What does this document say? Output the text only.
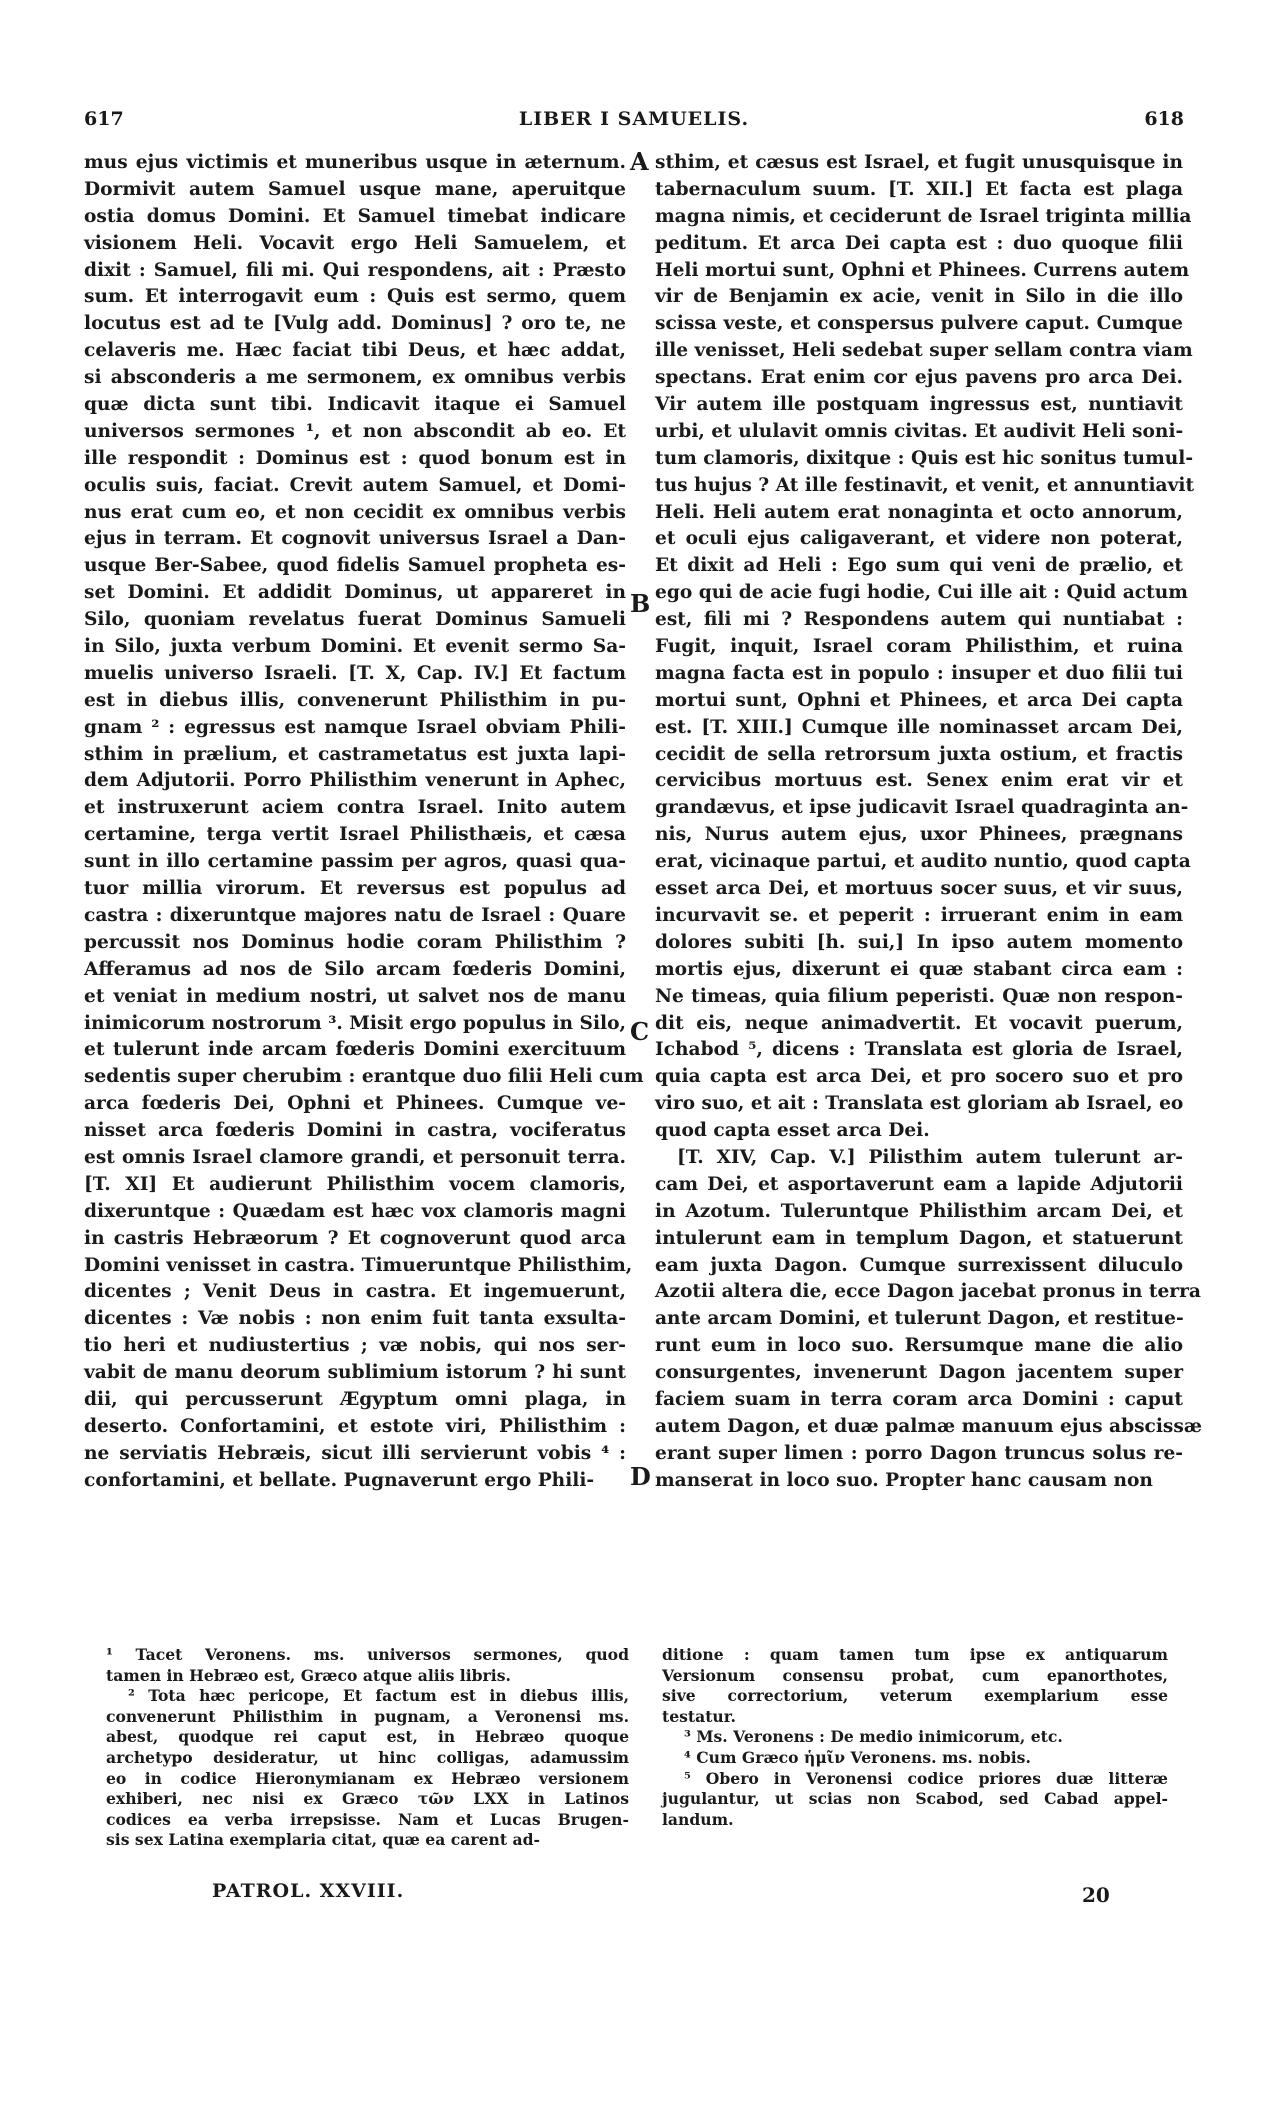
617	LIBER I SAMUELIS.	618
mus ejus victimis et muneribus usque in æternum.
Dormivit autem Samuel usque mane, aperuitque
ostia domus Domini. Et Samuel timebat indicare
visionem Heli. Vocavit ergo Heli Samuelem, et
dixit : Samuel, fili mi. Qui respondens, ait : Præsto
sum. Et interrogavit eum : Quis est sermo, quem
locutus est ad te [Vulg add. Dominus] ? oro te, ne
celaveris me. Hæc faciat tibi Deus, et hæc addat,
si absconderis a me sermonem, ex omnibus verbis
quæ dicta sunt tibi. Indicavit itaque ei Samuel
universos sermones ¹, et non abscondit ab eo. Et
ille respondit : Dominus est : quod bonum est in
oculis suis, faciat. Crevit autem Samuel, et Domi-
nus erat cum eo, et non cecidit ex omnibus verbis
ejus in terram. Et cognovit universus Israel a Dan-
usque Ber-Sabee, quod fidelis Samuel propheta es-
set Domini. Et addidit Dominus, ut appareret in
Silo, quoniam revelatus fuerat Dominus Samueli
in Silo, juxta verbum Domini. Et evenit sermo Sa-
muelis universo Israeli. [T. X, Cap. IV.] Et factum
est in diebus illis, convenerunt Philisthim in pu-
gnam ² : egressus est namque Israel obviam Phili-
sthim in prælium, et castrametatus est juxta lapi-
dem Adjutorii. Porro Philisthim venerunt in Aphec,
et instruxerunt aciem contra Israel. Inito autem
certamine, terga vertit Israel Philisthæis, et cæsa
sunt in illo certamine passim per agros, quasi qua-
tuor millia virorum. Et reversus est populus ad
castra : dixeruntque majores natu de Israel : Quare
percussit nos Dominus hodie coram Philisthim ?
Afferamus ad nos de Silo arcam fœderis Domini,
et veniat in medium nostri, ut salvet nos de manu
inimicorum nostrorum ³. Misit ergo populus in Silo,
et tulerunt inde arcam fœderis Domini exercituum
sedentis super cherubim : erantque duo filii Heli cum
arca fœderis Dei, Ophni et Phinees. Cumque ve-
nisset arca fœderis Domini in castra, vociferatus
est omnis Israel clamore grandi, et personuit terra.
[T. XI] Et audierunt Philisthim vocem clamoris,
dixeruntque : Quædam est hæc vox clamoris magni
in castris Hebræorum ? Et cognoverunt quod arca
Domini venisset in castra. Timueruntque Philisthim,
dicentes ; Venit Deus in castra. Et ingemuerunt,
dicentes : Væ nobis : non enim fuit tanta exsulta-
tio heri et nudiustertius ; væ nobis, qui nos ser-
vabit de manu deorum sublimium istorum ? hi sunt
dii, qui percusserunt Ægyptum omni plaga, in
deserto. Confortamini, et estote viri, Philisthim :
ne serviatis Hebræis, sicut illi servierunt vobis ⁴ :
confortamini, et bellate. Pugnaverunt ergo Phili-
sthim, et cæsus est Israel, et fugit unusquisque in
tabernaculum suum. [T. XII.] Et facta est plaga
magna nimis, et ceciderunt de Israel triginta millia
peditum. Et arca Dei capta est : duo quoque filii
Heli mortui sunt, Ophni et Phinees. Currens autem
vir de Benjamin ex acie, venit in Silo in die illo
scissa veste, et conspersus pulvere caput. Cumque
ille venisset, Heli sedebat super sellam contra viam
spectans. Erat enim cor ejus pavens pro arca Dei.
Vir autem ille postquam ingressus est, nuntiavit
urbi, et ululavit omnis civitas. Et audivit Heli soni-
tum clamoris, dixitque : Quis est hic sonitus tumul-
tus hujus ? At ille festinavit, et venit, et annuntiavit
Heli. Heli autem erat nonaginta et octo annorum,
et oculi ejus caligaverant, et videre non poterat,
Et dixit ad Heli : Ego sum qui veni de prælio, et
ego qui de acie fugi hodie, Cui ille ait : Quid actum
est, fili mi ? Respondens autem qui nuntiabat :
Fugit, inquit, Israel coram Philisthim, et ruina
magna facta est in populo : insuper et duo filii tui
mortui sunt, Ophni et Phinees, et arca Dei capta
est. [T. XIII.] Cumque ille nominasset arcam Dei,
cecidit de sella retrorsum juxta ostium, et fractis
cervicibus mortuus est. Senex enim erat vir et
grandævus, et ipse judicavit Israel quadraginta an-
nis, Nurus autem ejus, uxor Phinees, prægnans
erat, vicinaque partui, et audito nuntio, quod capta
esset arca Dei, et mortuus socer suus, et vir suus,
incurvavit se. et peperit : irruerant enim in eam
dolores subiti [h. sui,] In ipso autem momento
mortis ejus, dixerunt ei quæ stabant circa eam :
Ne timeas, quia filium peperisti. Quæ non respon-
dit eis, neque animadvertit. Et vocavit puerum,
Ichabod ⁵, dicens : Translata est gloria de Israel,
quia capta est arca Dei, et pro socero suo et pro
viro suo, et ait : Translata est gloriam ab Israel, eo
quod capta esset arca Dei.
[T. XIV, Cap. V.] Pilisthim autem tulerunt ar-
cam Dei, et asportaverunt eam a lapide Adjutorii
in Azotum. Tuleruntque Philisthim arcam Dei, et
intulerunt eam in templum Dagon, et statuerunt
eam juxta Dagon. Cumque surrexissent diluculo
Azotii altera die, ecce Dagon jacebat pronus in terra
ante arcam Domini, et tulerunt Dagon, et restitue-
runt eum in loco suo. Rersumque mane die alio
consurgentes, invenerunt Dagon jacentem super
faciem suam in terra coram arca Domini : caput
autem Dagon, et duæ palmæ manuum ejus abscissæ
erant super limen : porro Dagon truncus solus re-
manserat in loco suo. Propter hanc causam non
A
B
C
D
¹ Tacet Veronens. ms. universos sermones, quod
tamen in Hebræo est, Græco atque aliis libris.
² Tota hæc pericope, Et factum est in diebus illis,
convenerunt Philisthim in pugnam, a Veronensi ms.
abest, quodque rei caput est, in Hebræo quoque
archetypo desideratur, ut hinc colligas, adamussim
eo in codice Hieronymianam ex Hebræo versionem
exhiberi, nec nisi ex Græco τῶν LXX in Latinos
codices ea verba irrepsisse. Nam et Lucas Brugen-
sis sex Latina exemplaria citat, quæ ea carent ad-
ditione : quam tamen tum ipse ex antiquarum
Versionum consensu probat, cum epanorthotes,
sive correctorium, veterum exemplarium esse
testatur.
³ Ms. Veronens : De medio inimicorum, etc.
⁴ Cum Græco ἡμῖν Veronens. ms. nobis.
⁵ Obero in Veronensi codice priores duæ litteræ
jugulantur, ut scias non Scabod, sed Cabad appel-
landum.
PATROL. XXVIII.	20
